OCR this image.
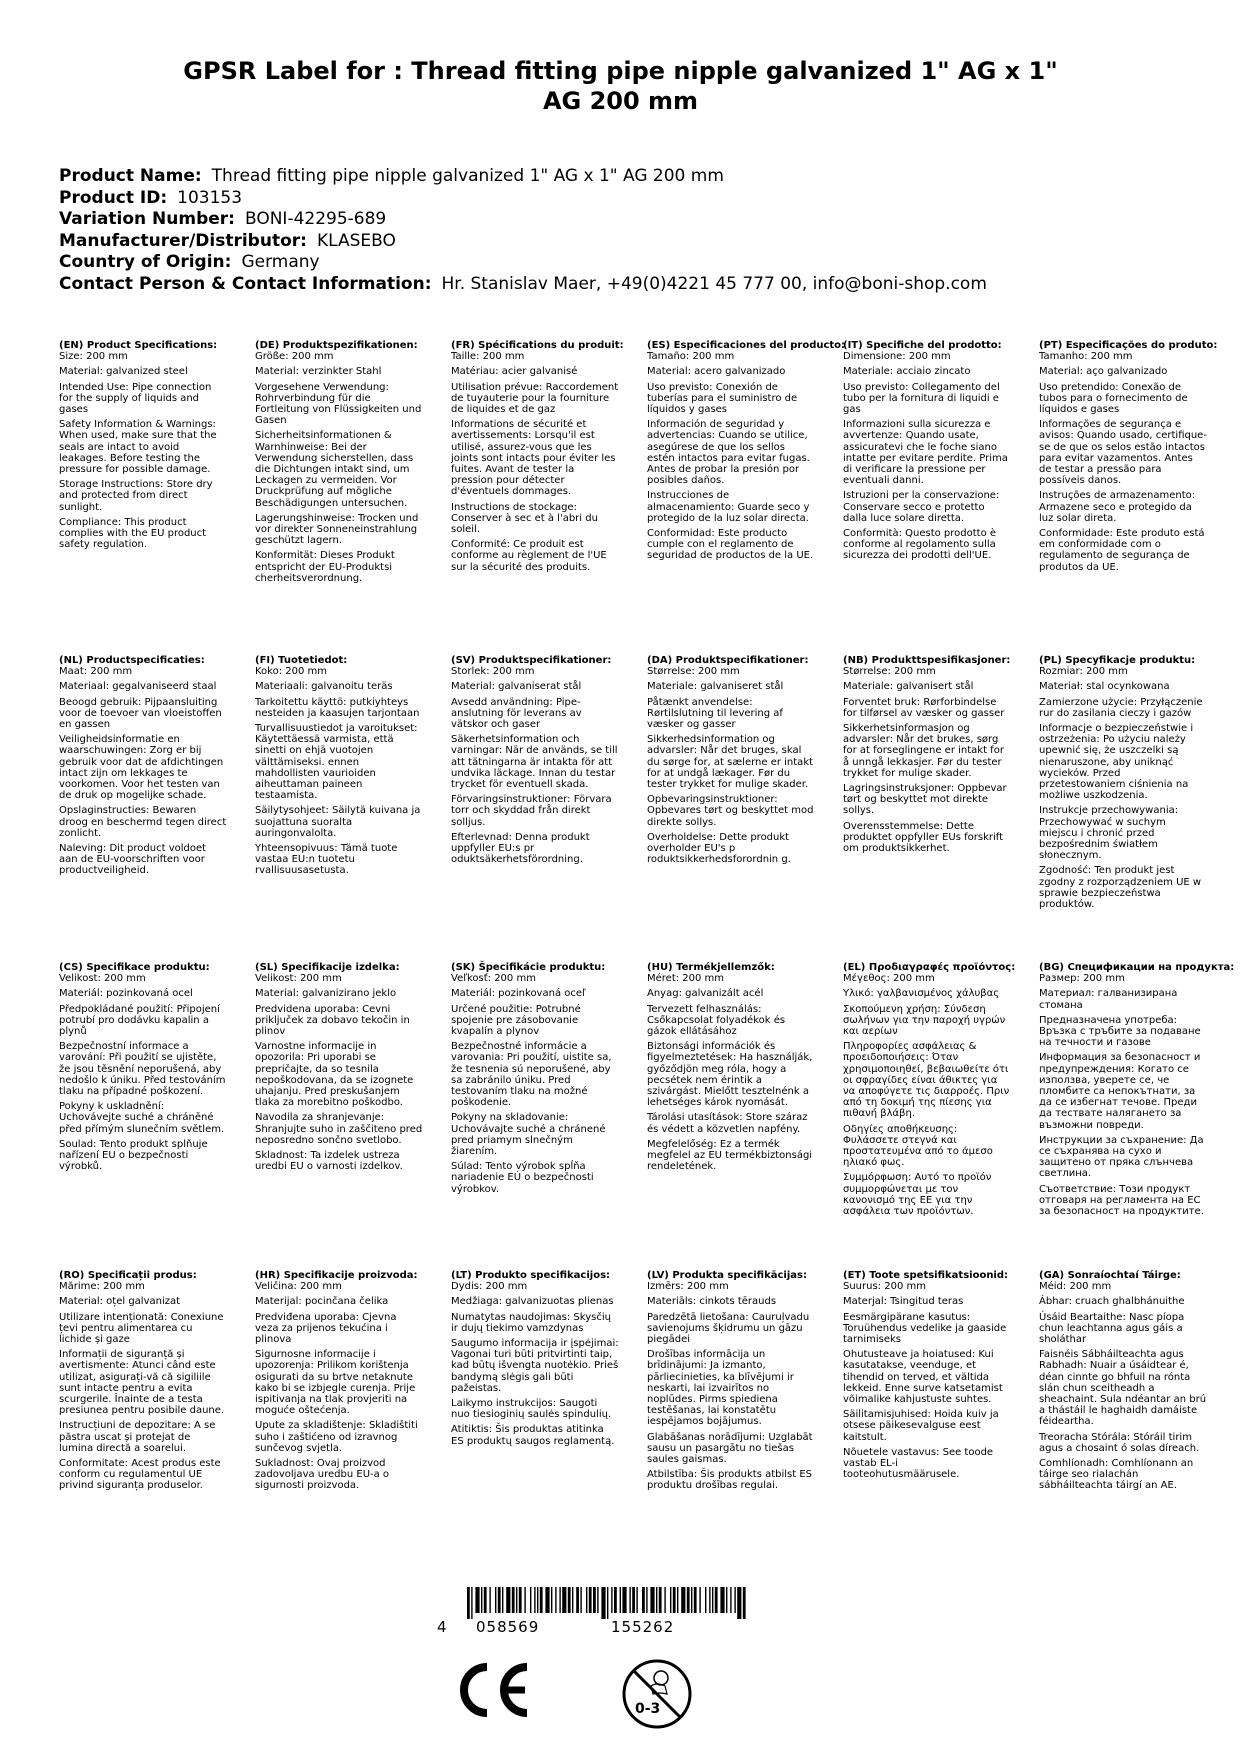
GPSR Label for : Thread fitting pipe nipple galvanized 1" AG x 1"
AG 200 mm
Product Name: Thread fitting pipe nipple galvanized 1" AG x 1" AG 200 mm
Product ID: 103153
Variation Number: BONI-42295-689
Manufacturer/Distributor: KLASEBO
Country of Origin: Germany
Contact Person & Contact Information: Hr. Stanislav Maer, +49(0)4221 45 777 00, info@boni-shop.com
(EN) Product Specifications:
Size: 200 mm
Material: galvanized steel
Intended Use: Pipe connection for the supply of liquids and gases
Safety Information & Warnings: When used, make sure that the seals are intact to avoid leakages. Before testing the pressure for possible damage.
Storage Instructions: Store dry and protected from direct sunlight.
Compliance: This product complies with the EU product safety regulation.
(DE) Produktspezifikationen:
Größe: 200 mm
Material: verzinkter Stahl
Vorgesehene Verwendung: Rohrverbindung für die Fortleitung von Flüssigkeiten und Gasen
Sicherheitsinformationen & Warnhinweise: Bei der Verwendung sicherstellen, dass die Dichtungen intakt sind, um Leckagen zu vermeiden. Vor Druckprüfung auf mögliche Beschädigungen untersuchen.
Lagerungshinweise: Trocken und vor direkter Sonneneinstrahlung geschützt lagern.
Konformität: Dieses Produkt entspricht der EU-Produktsi cherheitsverordnung.
(FR) Spécifications du produit:
Taille: 200 mm
Matériau: acier galvanisé
Utilisation prévue: Raccordement de tuyauterie pour la fourniture de liquides et de gaz
Informations de sécurité et avertissements: Lorsqu'il est utilisé, assurez-vous que les joints sont intacts pour éviter les fuites. Avant de tester la pression pour détecter d'éventuels dommages.
Instructions de stockage: Conserver à sec et à l'abri du soleil.
Conformité: Ce produit est conforme au règlement de l'UE sur la sécurité des produits.
(ES) Especificaciones del producto:
Tamaño: 200 mm
Material: acero galvanizado
Uso previsto: Conexión de tuberías para el suministro de líquidos y gases
Información de seguridad y advertencias: Cuando se utilice, asegúrese de que los sellos estén intactos para evitar fugas. Antes de probar la presión por posibles daños.
Instrucciones de almacenamiento: Guarde seco y protegido de la luz solar directa.
Conformidad: Este producto cumple con el reglamento de seguridad de productos de la UE.
(IT) Specifiche del prodotto:
Dimensione: 200 mm
Materiale: acciaio zincato
Uso previsto: Collegamento del tubo per la fornitura di liquidi e gas
Informazioni sulla sicurezza e avvertenze: Quando usate, assicuratevi che le foche siano intatte per evitare perdite. Prima di verificare la pressione per eventuali danni.
Istruzioni per la conservazione: Conservare secco e protetto dalla luce solare diretta.
Conformità: Questo prodotto è conforme al regolamento sulla sicurezza dei prodotti dell'UE.
(PT) Especificações do produto:
Tamanho: 200 mm
Material: aço galvanizado
Uso pretendido: Conexão de tubos para o fornecimento de líquidos e gases
Informações de segurança e avisos: Quando usado, certifique-se de que os selos estão intactos para evitar vazamentos. Antes de testar a pressão para possíveis danos.
Instruções de armazenamento: Armazene seco e protegido da luz solar direta.
Conformidade: Este produto está em conformidade com o regulamento de segurança de produtos da UE.
(NL) Productspecificaties:
Maat: 200 mm
Materiaal: gegalvaniseerd staal
Beoogd gebruik: Pijpaansluiting voor de toevoer van vloeistoffen en gassen
Veiligheidsinformatie en waarschuwingen: Zorg er bij gebruik voor dat de afdichtingen intact zijn om lekkages te voorkomen. Voor het testen van de druk op mogelijke schade.
Opslaginstructies: Bewaren droog en beschermd tegen direct zonlicht.
Naleving: Dit product voldoet aan de EU-voorschriften voor productveiligheid.
(FI) Tuotetiedot:
Koko: 200 mm
Materiaali: galvanoitu teräs
Tarkoitettu käyttö: putkiyhteys nesteiden ja kaasujen tarjontaan
Turvallisuustiedot ja varoitukset: Käytettäessä varmista, että sinetti on ehjä vuotojen välttämiseksi. ennen mahdollisten vaurioiden aiheuttaman paineen testaamista.
Säilytysohjeet: Säilytä kuivana ja suojattuna suoralta auringonvalolta.
Yhteensopivuus: Tämä tuote vastaa EU:n tuotetu rvallisuusasetusta.
(SV) Produktspecifikationer:
Storlek: 200 mm
Material: galvaniserat stål
Avsedd användning: Pipe-anslutning för leverans av vätskor och gaser
Säkerhetsinformation och varningar: När de används, se till att tätningarna är intakta för att undvika läckage. Innan du testar trycket för eventuell skada.
Förvaringsinstruktioner: Förvara torr och skyddad från direkt solljus.
Efterlevnad: Denna produkt uppfyller EU:s pr oduktsäkerhetsförordning.
(DA) Produktspecifikationer:
Størrelse: 200 mm
Materiale: galvaniseret stål
Påtænkt anvendelse: Rørtilslutning til levering af væsker og gasser
Sikkerhedsinformation og advarsler: Når det bruges, skal du sørge for, at sælerne er intakt for at undgå lækager. Før du tester trykket for mulige skader.
Opbevaringsinstruktioner: Opbevares tørt og beskyttet mod direkte sollys.
Overholdelse: Dette produkt overholder EU's p roduktsikkerhedsforordnin g.
(NB) Produkttspesifikasjoner:
Størrelse: 200 mm
Materiale: galvanisert stål
Forventet bruk: Rørforbindelse for tilførsel av væsker og gasser
Sikkerhetsinformasjon og advarsler: Når det brukes, sørg for at forseglingene er intakt for å unngå lekkasjer. Før du tester trykket for mulige skader.
Lagringsinstruksjoner: Oppbevar tørt og beskyttet mot direkte sollys.
Overensstemmelse: Dette produktet oppfyller EUs forskrift om produktsikkerhet.
(PL) Specyfikacje produktu:
Rozmiar: 200 mm
Materiał: stal ocynkowana
Zamierzone użycie: Przyłączenie rur do zasilania cieczy i gazów
Informacje o bezpieczeństwie i ostrzeżenia: Po użyciu należy upewnić się, że uszczelki są nienaruszone, aby uniknąć wycieków. Przed przetestowaniem ciśnienia na możliwe uszkodzenia.
Instrukcje przechowywania: Przechowywać w suchym miejscu i chronić przed bezpośrednim światłem słonecznym.
Zgodność: Ten produkt jest zgodny z rozporządzeniem UE w sprawie bezpieczeństwa produktów.
(CS) Specifikace produktu:
Velikost: 200 mm
Materiál: pozinkovaná ocel
Předpokládané použití: Připojení potrubí pro dodávku kapalin a plynů
Bezpečnostní informace a varování: Při použití se ujistěte, že jsou těsnění neporušená, aby nedošlo k úniku. Před testováním tlaku na případné poškození.
Pokyny k uskladnění: Uchovávejte suché a chráněné před přímým slunečním světlem.
Soulad: Tento produkt splňuje nařízení EU o bezpečnosti výrobků.
(SL) Specifikacije izdelka:
Velikost: 200 mm
Material: galvanizirano jeklo
Predvidena uporaba: Cevni priključek za dobavo tekočin in plinov
Varnostne informacije in opozorila: Pri uporabi se prepričajte, da so tesnila nepoškodovana, da se izognete uhajanju. Pred preskušanjem tlaka za morebitno poškodbo.
Navodila za shranjevanje: Shranjujte suho in zaščiteno pred neposredno sončno svetlobo.
Skladnost: Ta izdelek ustreza uredbi EU o varnosti izdelkov.
(SK) Špecifikácie produktu:
Veľkosť: 200 mm
Materiál: pozinkovaná oceľ
Určené použitie: Potrubné spojenie pre zásobovanie kvapalín a plynov
Bezpečnostné informácie a varovania: Pri použití, uistite sa, že tesnenia sú neporušené, aby sa zabránilo úniku. Pred testovaním tlaku na možné poškodenie.
Pokyny na skladovanie: Uchovávajte suché a chránené pred priamym slnečným žiarením.
Súlad: Tento výrobok spĺňa nariadenie EÚ o bezpečnosti výrobkov.
(HU) Termékjellemzők:
Méret: 200 mm
Anyag: galvanizált acél
Tervezett felhasználás: Csőkapcsolat folyadékok és gázok ellátásához
Biztonsági információk és figyelmeztetések: Ha használják, győződjön meg róla, hogy a pecsétek nem érintik a szivárgást. Mielőtt tesztelnénk a lehetséges károk nyomását.
Tárolási utasítások: Store száraz és védett a közvetlen napfény.
Megfelelőség: Ez a termék megfelel az EU termékbiztonsági rendeletének.
(EL) Προδιαγραφές προϊόντος:
Μέγεθος: 200 mm
Υλικό: γαλβανισμένος χάλυβας
Σκοπούμενη χρήση: Σύνδεση σωλήνων για την παροχή υγρών και αερίων
Πληροφορίες ασφάλειας & προειδοποιήσεις: Όταν χρησιμοποιηθεί, βεβαιωθείτε ότι οι σφραγίδες είναι άθικτες για να αποφύγετε τις διαρροές. Πριν από τη δοκιμή της πίεσης για πιθανή βλάβη.
Οδηγίες αποθήκευσης: Φυλάσσετε στεγνά και προστατευμένα από το άμεσο ηλιακό φως.
Συμμόρφωση: Αυτό το προϊόν συμμορφώνεται με τον κανονισμό της ΕΕ για την ασφάλεια των προϊόντων.
(BG) Спецификации на продукта:
Размер: 200 mm
Материал: галванизирана стомана
Предназначена употреба: Връзка с тръбите за подаване на течности и газове
Информация за безопасност и предупреждения: Когато се използва, уверете се, че пломбите са непокътнати, за да се избегнат течове. Преди да тествате налягането за възможни повреди.
Инструкции за съхранение: Да се съхранява на сухо и защитено от пряка слънчева светлина.
Съответствие: Този продукт отговаря на регламента на ЕС за безопасност на продуктите.
(RO) Specificații produs:
Mărime: 200 mm
Material: oțel galvanizat
Utilizare intenționată: Conexiune țevi pentru alimentarea cu lichide și gaze
Informații de siguranță și avertismente: Atunci când este utilizat, asigurați-vă că sigiliile sunt intacte pentru a evita scurgerile. Înainte de a testa presiunea pentru posibile daune.
Instrucțiuni de depozitare: A se păstra uscat și protejat de lumina directă a soarelui.
Conformitate: Acest produs este conform cu regulamentul UE privind siguranța produselor.
(HR) Specifikacije proizvoda:
Veličina: 200 mm
Materijal: pocinčana čelika
Predviđena uporaba: Cjevna veza za prijenos tekućina i plinova
Sigurnosne informacije i upozorenja: Prilikom korištenja osigurati da su brtve netaknute kako bi se izbjegle curenja. Prije ispitivanja na tlak provjeriti na moguće oštećenja.
Upute za skladištenje: Skladištiti suho i zaštićeno od izravnog sunčevog svjetla.
Sukladnost: Ovaj proizvod zadovoljava uredbu EU-a o sigurnosti proizvoda.
(LT) Produkto specifikacijos:
Dydis: 200 mm
Medžiaga: galvanizuotas plienas
Numatytas naudojimas: Skysčių ir dujų tiekimo vamzdynas
Saugumo informacija ir įspėjimai: Vagonai turi būti pritvirtinti taip, kad būtų išvengta nuotėkio. Prieš bandymą slėgis gali būti pažeistas.
Laikymo instrukcijos: Saugoti nuo tiesioginių saulės spindulių.
Atitiktis: Šis produktas atitinka ES produktų saugos reglamentą.
(LV) Produkta specifikācijas:
Izmērs: 200 mm
Materiāls: cinkots tērauds
Paredzētā lietošana: Cauruļvadu savienojums šķidrumu un gāzu piegādei
Drošības informācija un brīdinājumi: Ja izmanto, pārliecinieties, ka blīvējumi ir neskarti, lai izvairītos no noplūdes. Pirms spiediena testēšanas, lai konstatētu iespējamos bojājumus.
Glabāšanas norādījumi: Uzglabāt sausu un pasargātu no tiešas saules gaismas.
Atbilstība: Šis produkts atbilst ES produktu drošības regulai.
(ET) Toote spetsifikatsioonid:
Suurus: 200 mm
Materjal: Tsingitud teras
Eesmärgipärane kasutus: Toruühendus vedelike ja gaaside tarnimiseks
Ohutusteave ja hoiatused: Kui kasutatakse, veenduge, et tihendid on terved, et vältida lekkeid. Enne surve katsetamist võimalike kahjustuste suhtes.
Säilitamisjuhised: Hoida kuiv ja otsese päikesevalguse eest kaitstult.
Nõuetele vastavus: See toode vastab EL-i tooteohutusmäärusele.
(GA) Sonraíochtaí Táirge:
Méid: 200 mm
Ábhar: cruach ghalbhánuithe
Úsáid Beartaithe: Nasc píopa chun leachtanna agus gáis a sholáthar
Faisnéis Sábháilteachta agus Rabhadh: Nuair a úsáidtear é, déan cinnte go bhfuil na rónta slán chun sceitheadh a sheachaint. Sula ndéantar an brú a thástáil le haghaidh damáiste féideartha.
Treoracha Stórála: Stóráil tirim agus a chosaint ó solas díreach.
Comhlíonadh: Comhlíonann an táirge seo rialachán sábháilteachta táirgí an AE.
4 058569	155262
0-3
